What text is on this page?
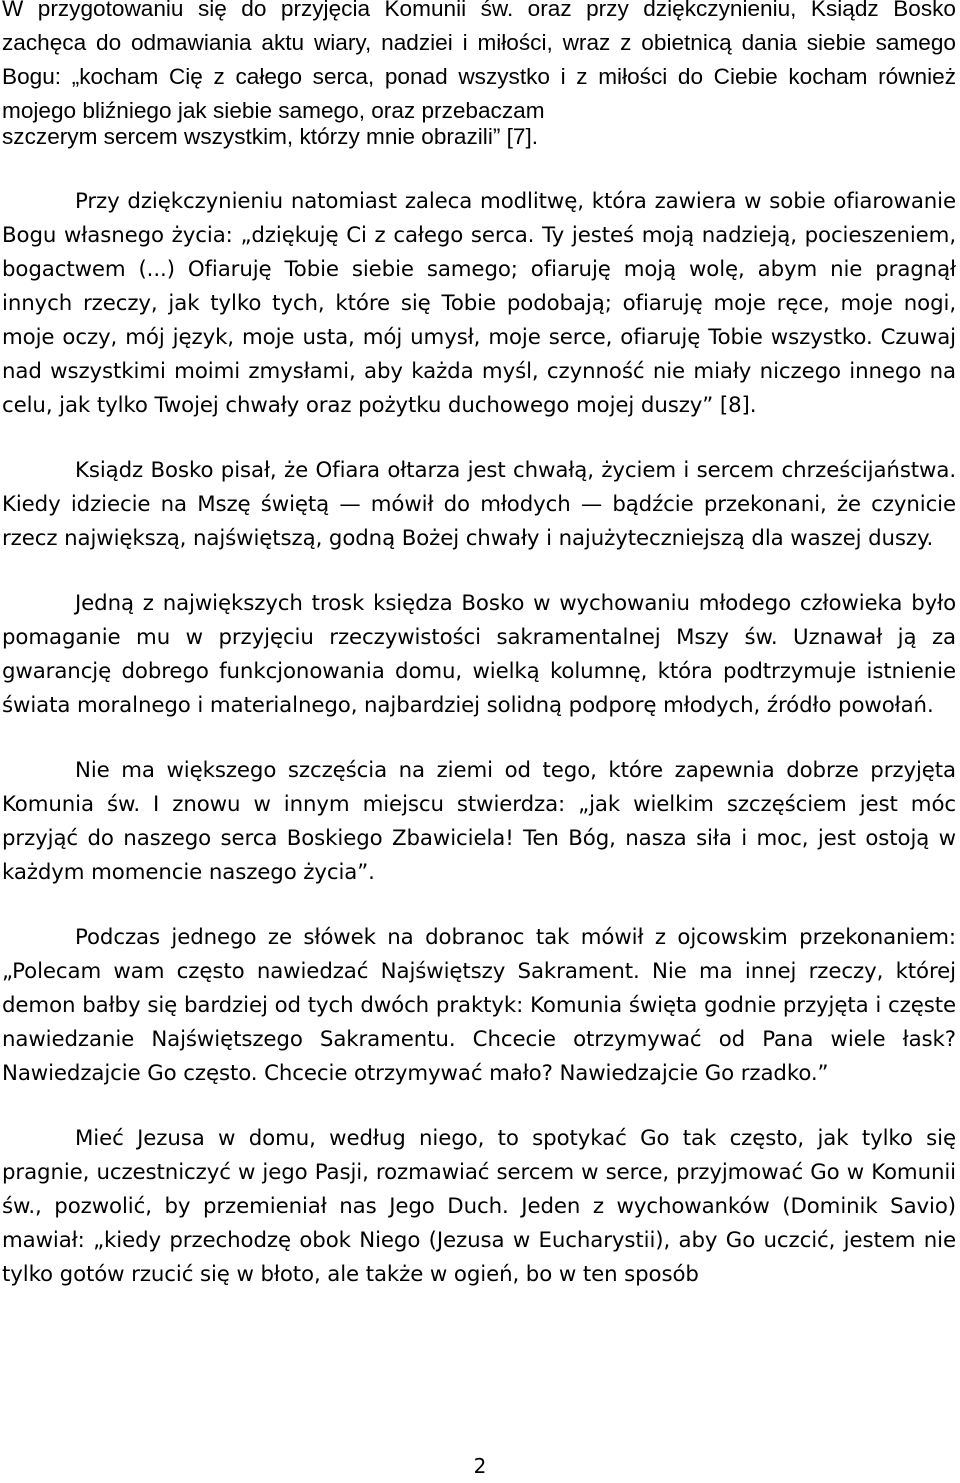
W przygotowaniu się do przyjęcia Komunii św. oraz przy dziękczynieniu, Ksiądz Bosko zachęca do odmawiania aktu wiary, nadziei i miłości, wraz z obietnicą dania siebie samego Bogu: „kocham Cię z całego serca, ponad wszystko i z miłości do Ciebie kocham również mojego bliźniego jak siebie samego, oraz przebaczam

szczerym sercem wszystkim, którzy mnie obrazili” [7].

Przy dziękczynieniu natomiast zaleca modlitwę, która zawiera w sobie ofiarowanie Bogu własnego życia: „dziękuję Ci z całego serca. Ty jesteś moją nadzieją, pocieszeniem, bogactwem (...) Ofiaruję Tobie siebie samego; ofiaruję moją wolę, abym nie pragnął innych rzeczy, jak tylko tych, które się Tobie podobają; ofiaruję moje ręce, moje nogi, moje oczy, mój język, moje usta, mój umysł, moje serce, ofiaruję Tobie wszystko. Czuwaj nad wszystkimi moimi zmysłami, aby każda myśl, czynność nie miały niczego innego na celu, jak tylko Twojej chwały oraz pożytku duchowego mojej duszy” [8].

Ksiądz Bosko pisał, że Ofiara ołtarza jest chwałą, życiem i sercem chrześcijaństwa. Kiedy idziecie na Mszę świętą — mówił do młodych — bądźcie przekonani, że czynicie rzecz największą, najświętszą, godną Bożej chwały i najużyteczniejszą dla waszej duszy.

Jedną z największych trosk księdza Bosko w wychowaniu młodego człowieka było pomaganie mu w przyjęciu rzeczywistości sakramentalnej Mszy św. Uznawał ją za gwarancję dobrego funkcjonowania domu, wielką kolumnę, która podtrzymuje istnienie świata moralnego i materialnego, najbardziej solidną podporę młodych, źródło powołań.

Nie ma większego szczęścia na ziemi od tego, które zapewnia dobrze przyjęta Komunia św. I znowu w innym miejscu stwierdza: „jak wielkim szczęściem jest móc przyjąć do naszego serca Boskiego Zbawiciela! Ten Bóg, nasza siła i moc, jest ostoją w każdym momencie naszego życia”.

Podczas jednego ze słówek na dobranoc tak mówił z ojcowskim przekonaniem: „Polecam wam często nawiedzać Najświętszy Sakrament. Nie ma innej rzeczy, której demon bałby się bardziej od tych dwóch praktyk: Komunia święta godnie przyjęta i częste nawiedzanie Najświętszego Sakramentu. Chcecie otrzymywać od Pana wiele łask? Nawiedzajcie Go często. Chcecie otrzymywać mało? Nawiedzajcie Go rzadko.”

Mieć Jezusa w domu, według niego, to spotykać Go tak często, jak tylko się pragnie, uczestniczyć w jego Pasji, rozmawiać sercem w serce, przyjmować Go w Komunii św., pozwolić, by przemieniał nas Jego Duch. Jeden z wychowanków (Dominik Savio) mawiał: „kiedy przechodzę obok Niego (Jezusa w Eucharystii), aby Go uczcić, jestem nie tylko gotów rzucić się w błoto, ale także w ogień, bo w ten sposób

2
